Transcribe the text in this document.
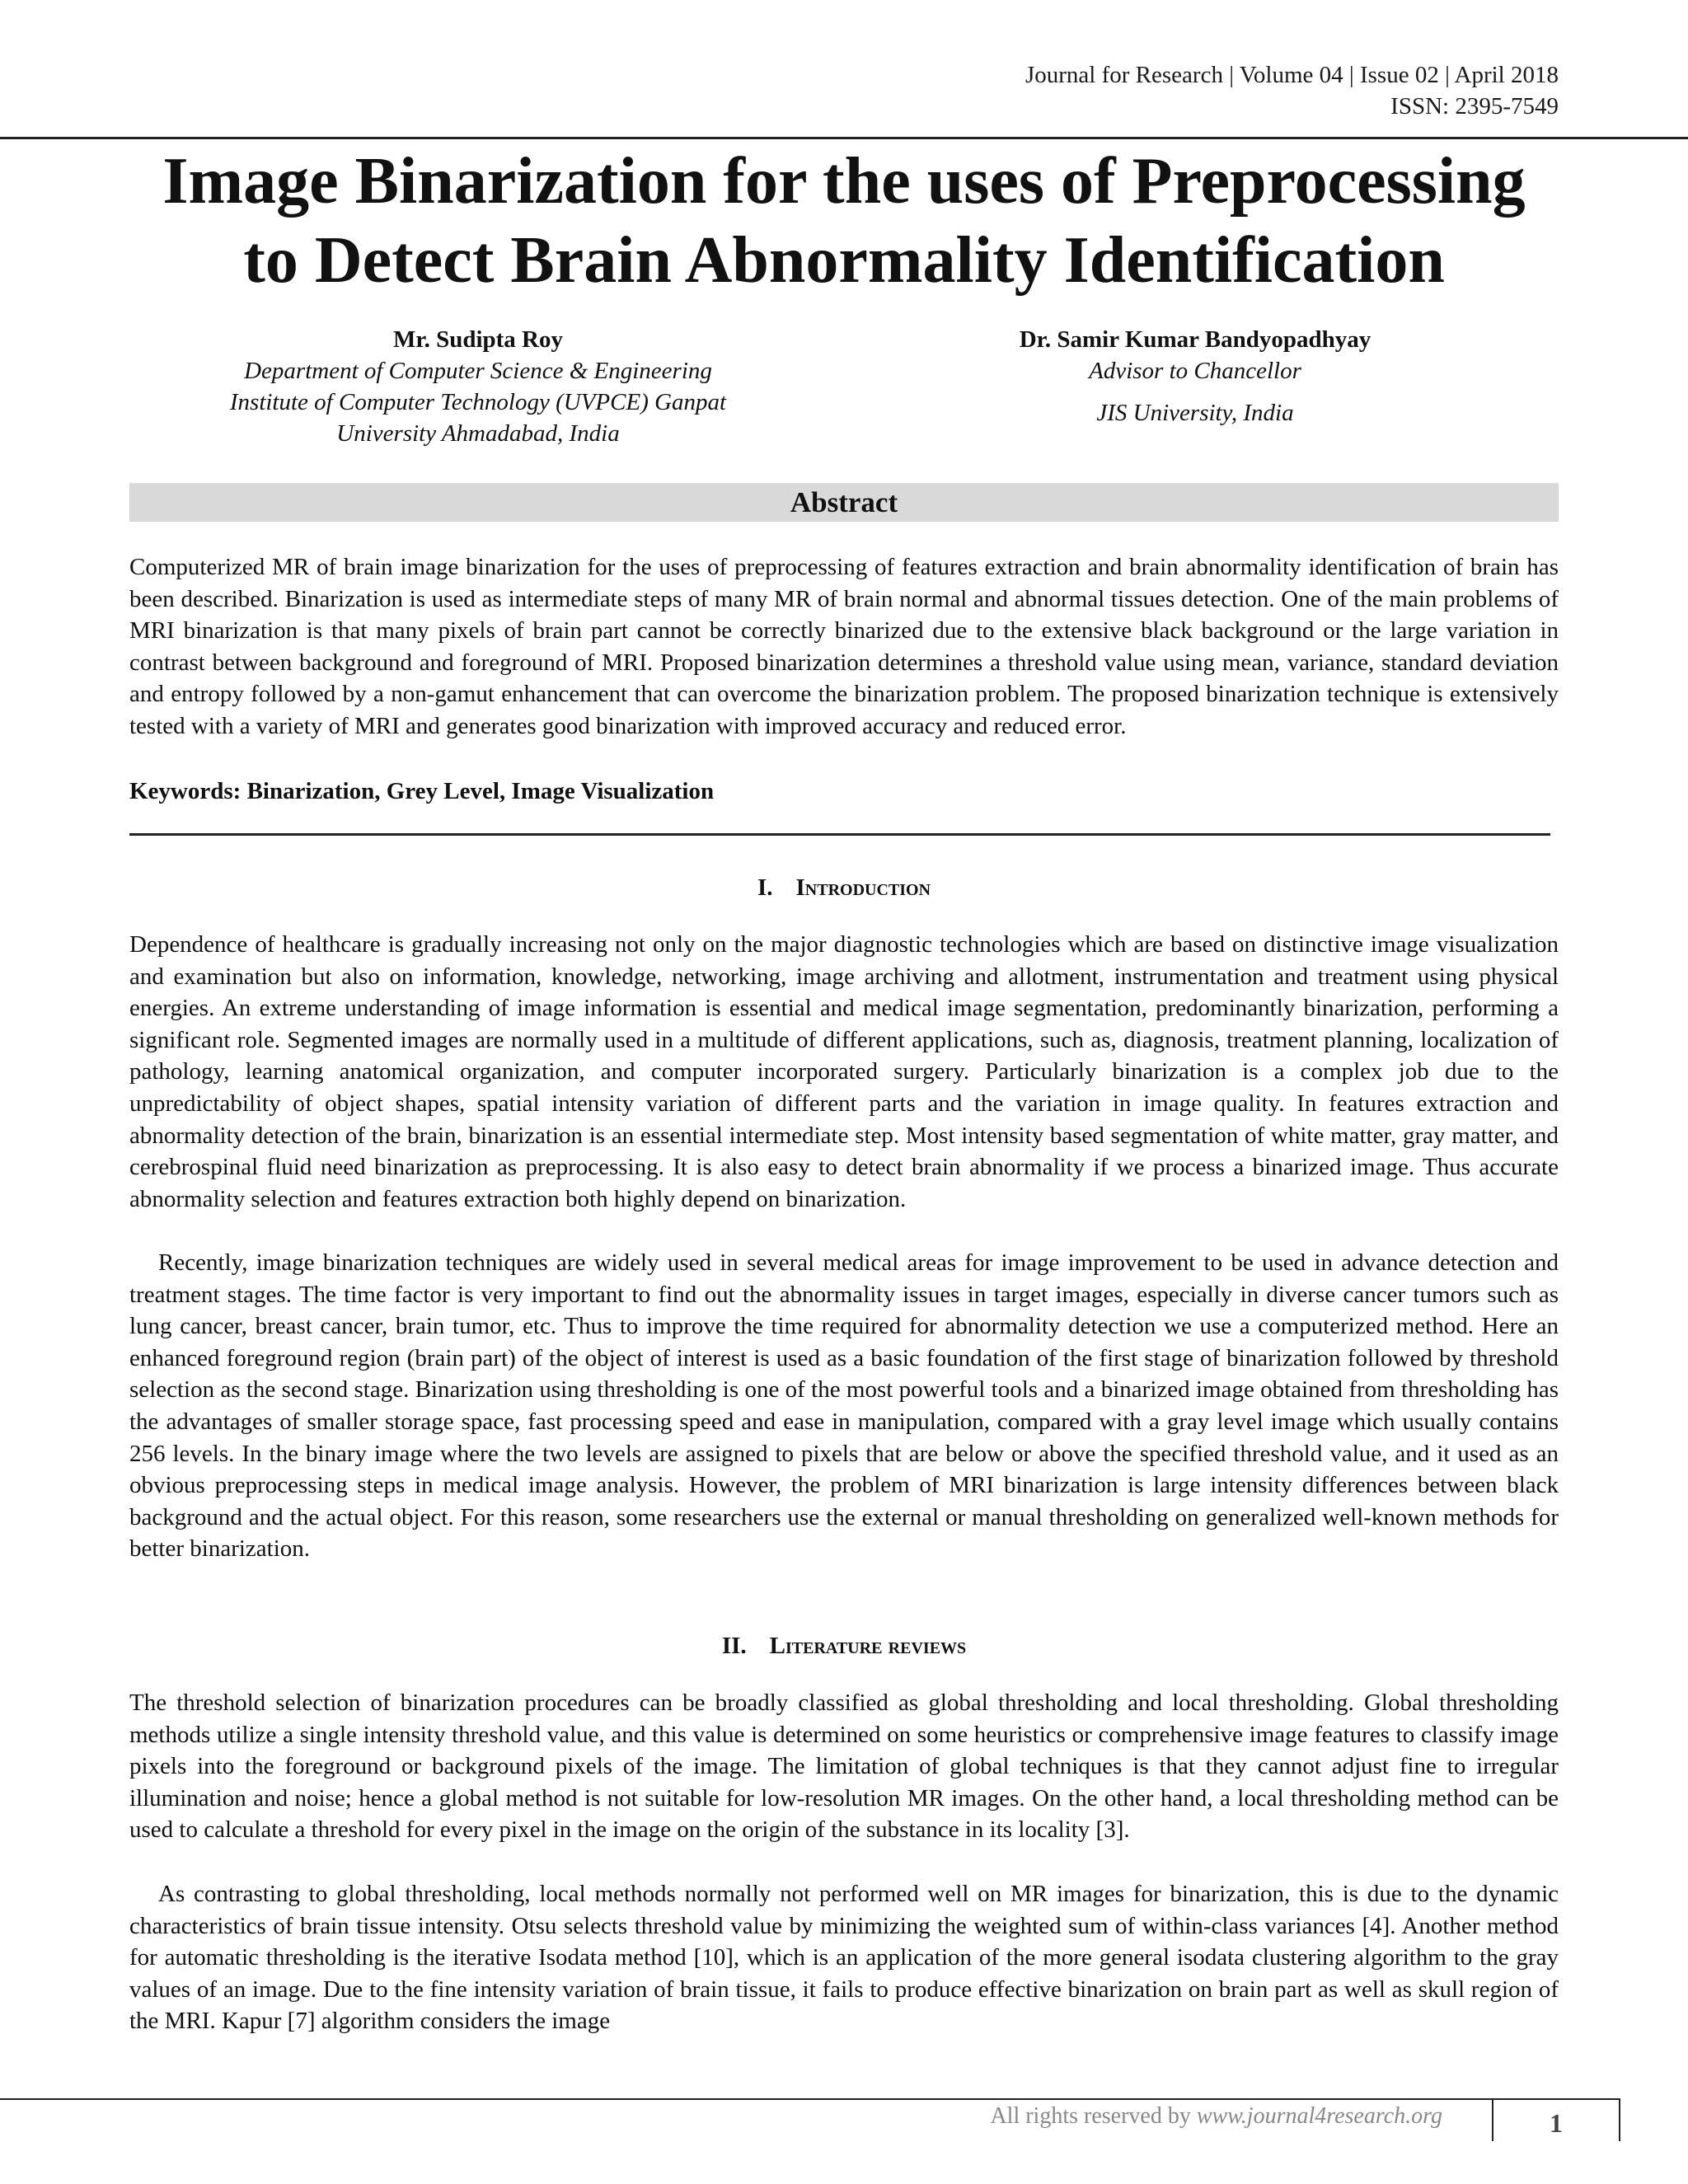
Journal for Research | Volume 04 | Issue 02 | April 2018
ISSN: 2395-7549
Image Binarization for the uses of Preprocessing
to Detect Brain Abnormality Identification
Mr. Sudipta Roy
Department of Computer Science & Engineering
Institute of Computer Technology (UVPCE) Ganpat
University Ahmadabad, India
Dr. Samir Kumar Bandyopadhyay
Advisor to Chancellor
JIS University, India
Abstract

Computerized MR of brain image binarization for the uses of preprocessing of features extraction and brain abnormality identification of brain has been described. Binarization is used as intermediate steps of many MR of brain normal and abnormal tissues detection. One of the main problems of MRI binarization is that many pixels of brain part cannot be correctly binarized due to the extensive black background or the large variation in contrast between background and foreground of MRI. Proposed binarization determines a threshold value using mean, variance, standard deviation and entropy followed by a non-gamut enhancement that can overcome the binarization problem. The proposed binarization technique is extensively tested with a variety of MRI and generates good binarization with improved accuracy and reduced error.

Keywords: Binarization, Grey Level, Image Visualization
I. Introduction

Dependence of healthcare is gradually increasing not only on the major diagnostic technologies which are based on distinctive image visualization and examination but also on information, knowledge, networking, image archiving and allotment, instrumentation and treatment using physical energies. An extreme understanding of image information is essential and medical image segmentation, predominantly binarization, performing a significant role. Segmented images are normally used in a multitude of different applications, such as, diagnosis, treatment planning, localization of pathology, learning anatomical organization, and computer incorporated surgery. Particularly binarization is a complex job due to the unpredictability of object shapes, spatial intensity variation of different parts and the variation in image quality. In features extraction and abnormality detection of the brain, binarization is an essential intermediate step. Most intensity based segmentation of white matter, gray matter, and cerebrospinal fluid need binarization as preprocessing. It is also easy to detect brain abnormality if we process a binarized image. Thus accurate abnormality selection and features extraction both highly depend on binarization.

Recently, image binarization techniques are widely used in several medical areas for image improvement to be used in advance detection and treatment stages. The time factor is very important to find out the abnormality issues in target images, especially in diverse cancer tumors such as lung cancer, breast cancer, brain tumor, etc. Thus to improve the time required for abnormality detection we use a computerized method. Here an enhanced foreground region (brain part) of the object of interest is used as a basic foundation of the first stage of binarization followed by threshold selection as the second stage. Binarization using thresholding is one of the most powerful tools and a binarized image obtained from thresholding has the advantages of smaller storage space, fast processing speed and ease in manipulation, compared with a gray level image which usually contains 256 levels. In the binary image where the two levels are assigned to pixels that are below or above the specified threshold value, and it used as an obvious preprocessing steps in medical image analysis. However, the problem of MRI binarization is large intensity differences between black background and the actual object. For this reason, some researchers use the external or manual thresholding on generalized well-known methods for better binarization.

II. Literature reviews

The threshold selection of binarization procedures can be broadly classified as global thresholding and local thresholding. Global thresholding methods utilize a single intensity threshold value, and this value is determined on some heuristics or comprehensive image features to classify image pixels into the foreground or background pixels of the image. The limitation of global techniques is that they cannot adjust fine to irregular illumination and noise; hence a global method is not suitable for low-resolution MR images. On the other hand, a local thresholding method can be used to calculate a threshold for every pixel in the image on the origin of the substance in its locality [3].

As contrasting to global thresholding, local methods normally not performed well on MR images for binarization, this is due to the dynamic characteristics of brain tissue intensity. Otsu selects threshold value by minimizing the weighted sum of within-class variances [4]. Another method for automatic thresholding is the iterative Isodata method [10], which is an application of the more general isodata clustering algorithm to the gray values of an image. Due to the fine intensity variation of brain tissue, it fails to produce effective binarization on brain part as well as skull region of the MRI. Kapur [7] algorithm considers the image

All rights reserved by www.journal4research.org	1
